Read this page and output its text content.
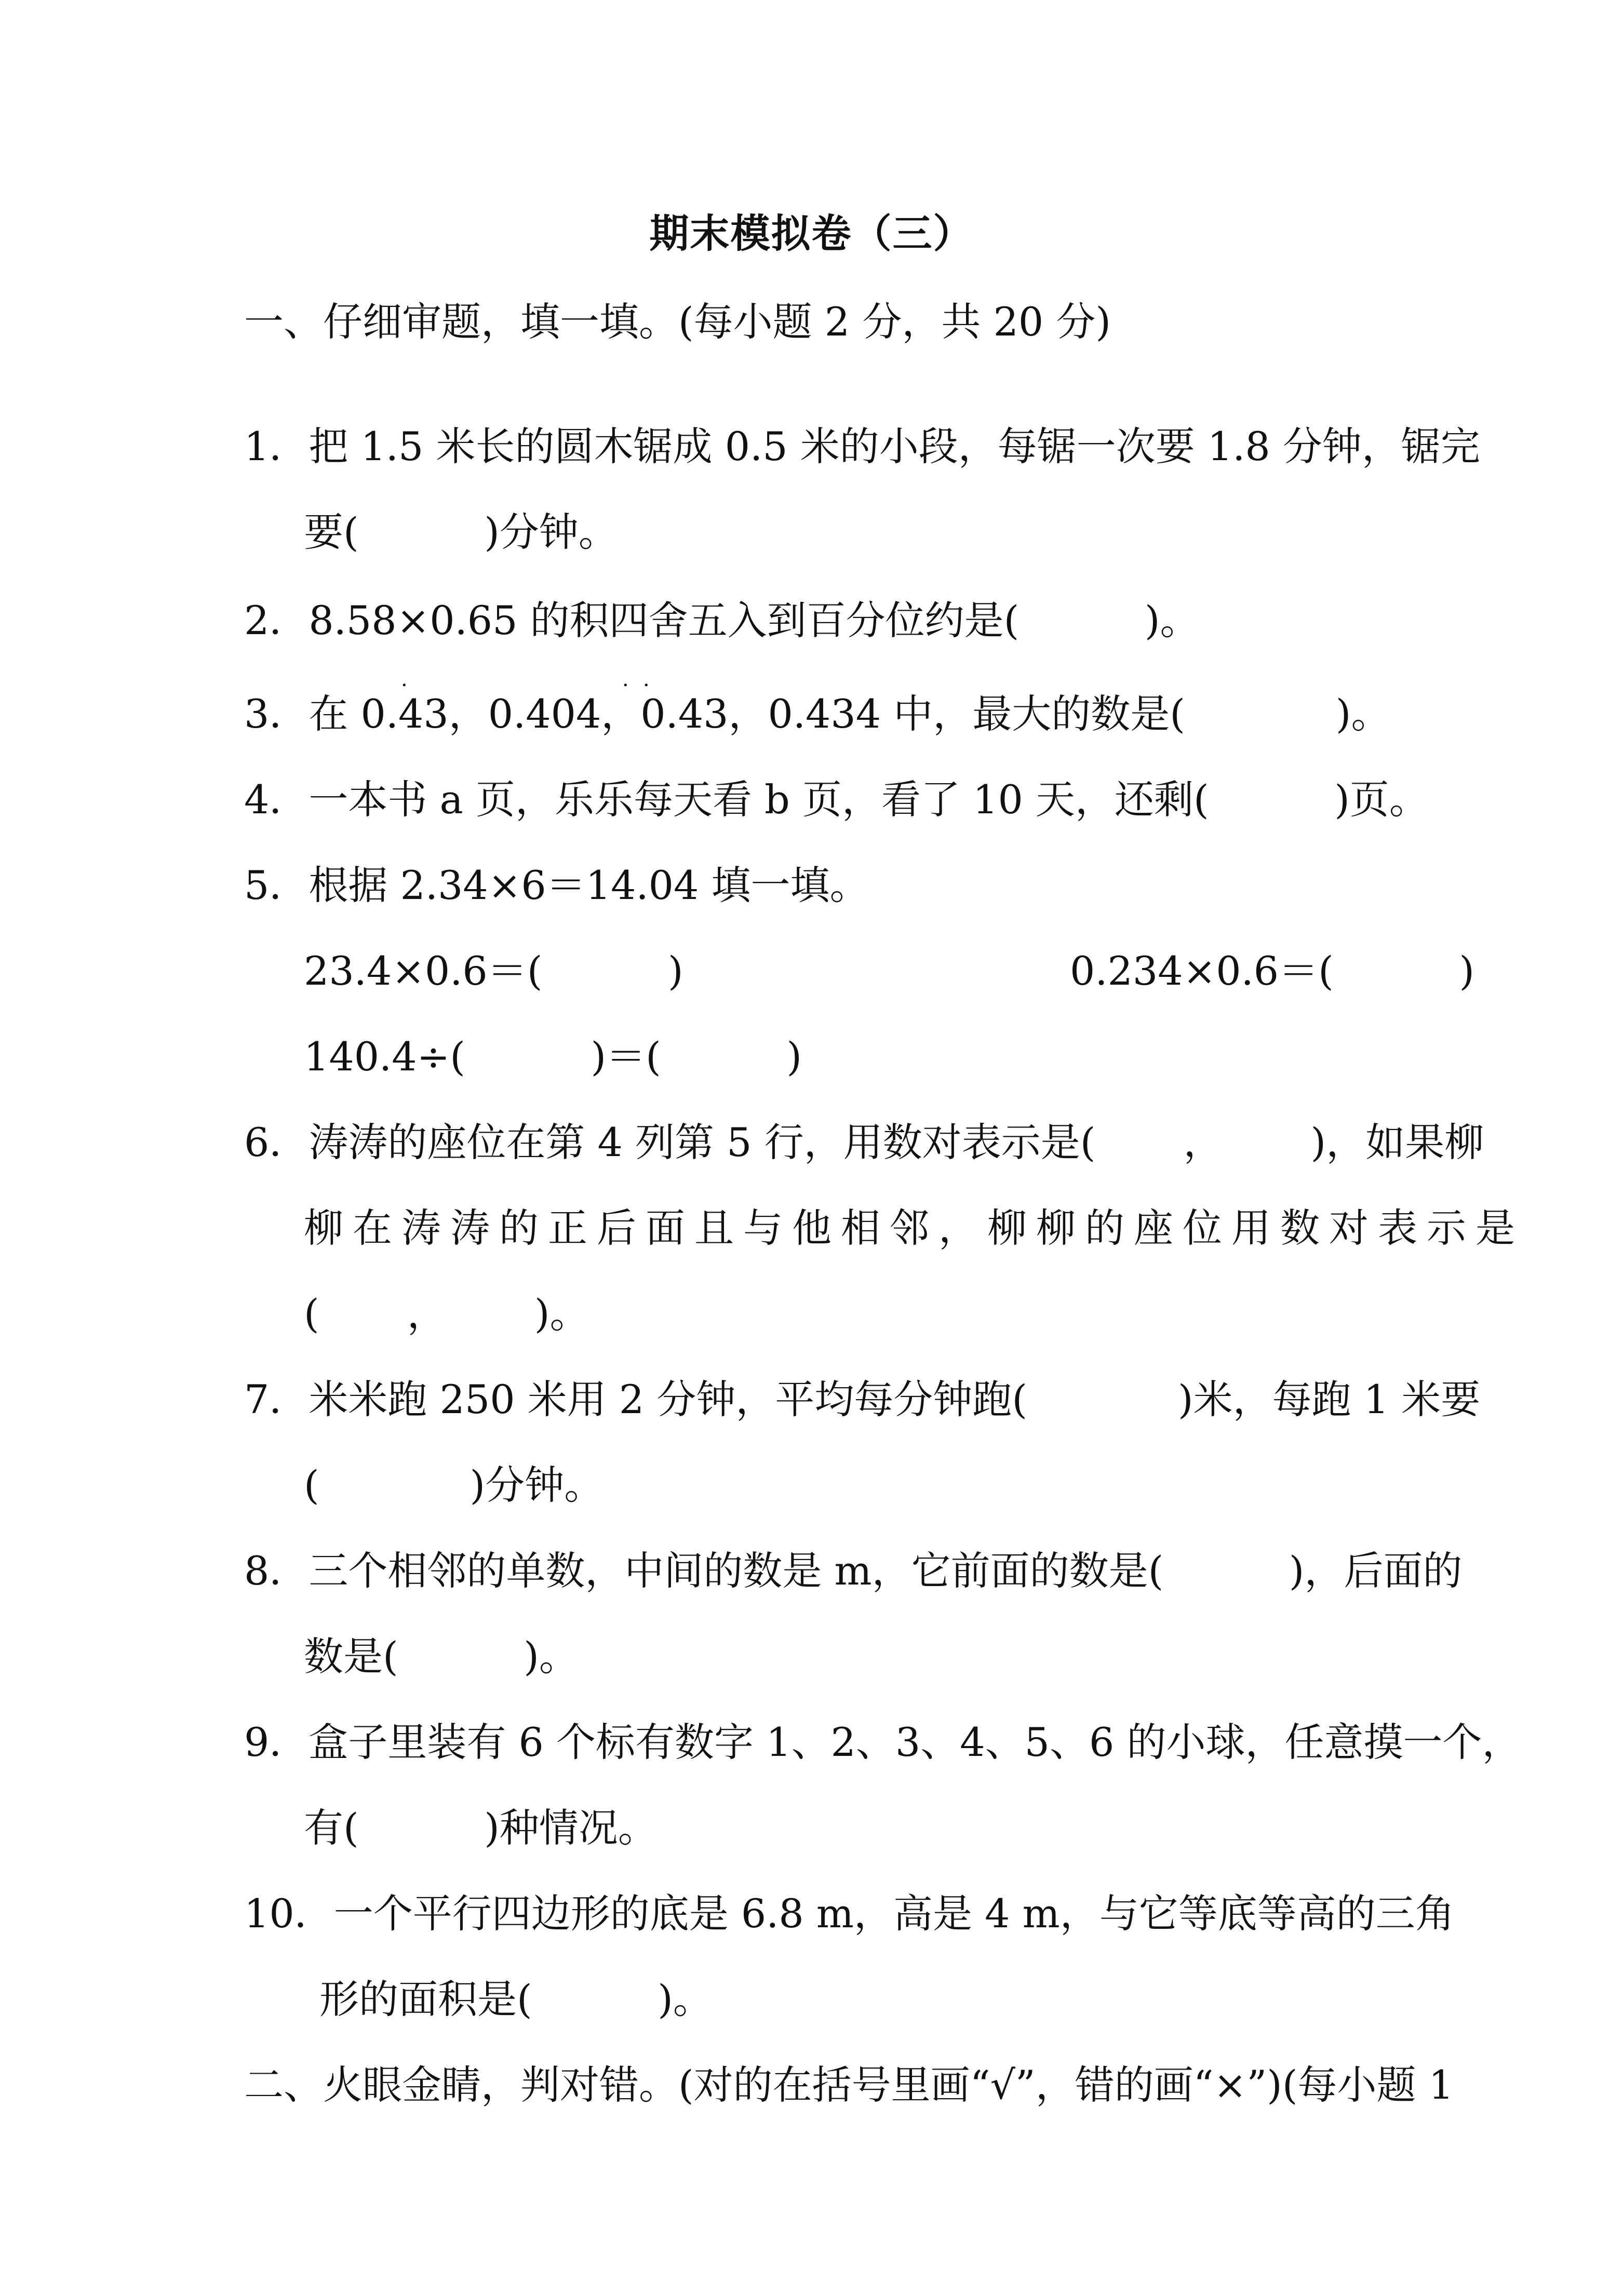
期末模拟卷（三）
一、仔细审题，填一填。(每小题 2 分，共 20 分)
1．把 1.5 米长的圆木锯成 0.5 米的小段，每锯一次要 1.8 分钟，锯完
要(          )分钟。
2．8.58×0.65 的积四舍五入到百分位约是(          )。
·	· ·
3．在 0.43，0.404，0.43，0.434 中，最大的数是(            )。
4．一本书 a 页，乐乐每天看 b 页，看了 10 天，还剩(          )页。
5．根据 2.34×6＝14.04 填一填。
23.4×0.6＝(          )	0.234×0.6＝(          )
140.4÷(          )＝(          )
6．涛涛的座位在第 4 列第 5 行，用数对表示是(       ，       )，如果柳
柳在涛涛的正后面且与他相邻，柳柳的座位用数对表示是
(       ，       )。
7．米米跑 250 米用 2 分钟，平均每分钟跑(            )米，每跑 1 米要
(            )分钟。
8．三个相邻的单数，中间的数是 m，它前面的数是(          )，后面的
数是(          )。
9．盒子里装有 6 个标有数字 1、2、3、4、5、6 的小球，任意摸一个，
有(          )种情况。
10．一个平行四边形的底是 6.8 m，高是 4 m，与它等底等高的三角
形的面积是(          )。
二、火眼金睛，判对错。(对的在括号里画“√”，错的画“×”)(每小题 1
